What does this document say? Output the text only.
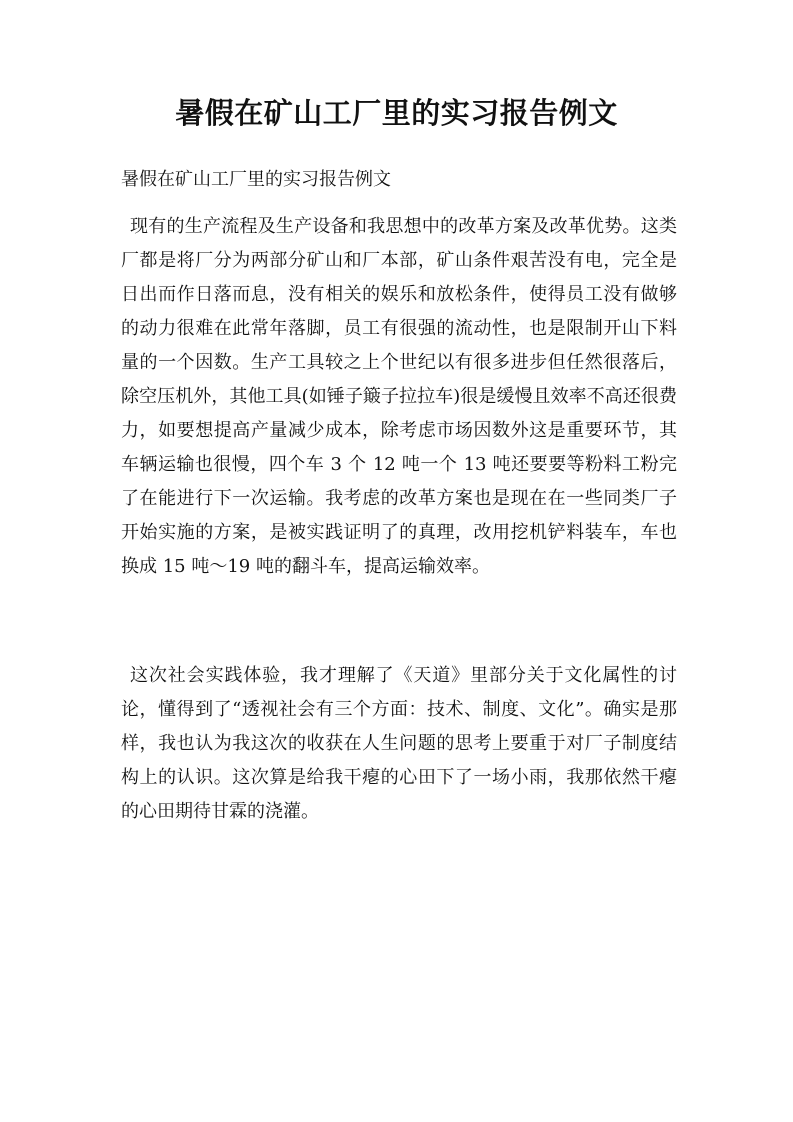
暑假在矿山工厂里的实习报告例文

暑假在矿山工厂里的实习报告例文

现有的生产流程及生产设备和我思想中的改革方案及改革优势。这类厂都是将厂分为两部分矿山和厂本部，矿山条件艰苦没有电，完全是日出而作日落而息，没有相关的娱乐和放松条件，使得员工没有做够的动力很难在此常年落脚，员工有很强的流动性，也是限制开山下料量的一个因数。生产工具较之上个世纪以有很多进步但任然很落后，除空压机外，其他工具(如锤子簸子拉拉车)很是缓慢且效率不高还很费力，如要想提高产量减少成本，除考虑市场因数外这是重要环节，其车辆运输也很慢，四个车 3 个 12 吨一个 13 吨还要要等粉料工粉完了在能进行下一次运输。我考虑的改革方案也是现在在一些同类厂子开始实施的方案，是被实践证明了的真理，改用挖机铲料装车，车也换成 15 吨～19 吨的翻斗车，提高运输效率。

这次社会实践体验，我才理解了《天道》里部分关于文化属性的讨论，懂得到了“透视社会有三个方面：技术、制度、文化”。确实是那样，我也认为我这次的收获在人生问题的思考上要重于对厂子制度结构上的认识。这次算是给我干瘪的心田下了一场小雨，我那依然干瘪的心田期待甘霖的浇灌。
